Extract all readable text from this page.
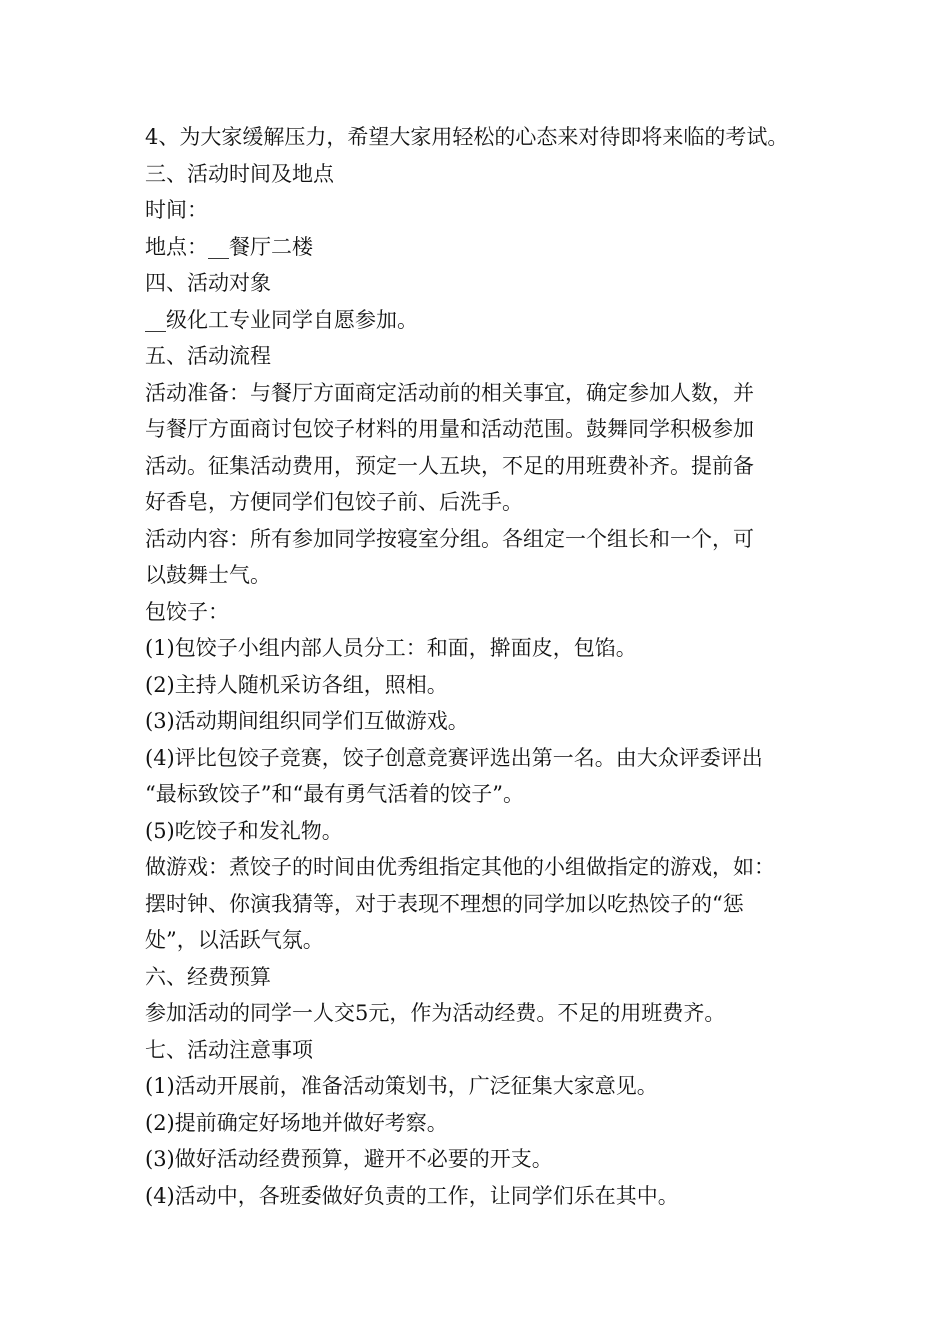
4、为大家缓解压力，希望大家用轻松的心态来对待即将来临的考试。
三、活动时间及地点
时间：
地点：__餐厅二楼
四、活动对象
__级化工专业同学自愿参加。
五、活动流程
活动准备：与餐厅方面商定活动前的相关事宜，确定参加人数，并
与餐厅方面商讨包饺子材料的用量和活动范围。鼓舞同学积极参加
活动。征集活动费用，预定一人五块，不足的用班费补齐。提前备
好香皂，方便同学们包饺子前、后洗手。
活动内容：所有参加同学按寝室分组。各组定一个组长和一个，可
以鼓舞士气。
包饺子：
(1)包饺子小组内部人员分工：和面，擀面皮，包馅。
(2)主持人随机采访各组，照相。
(3)活动期间组织同学们互做游戏。
(4)评比包饺子竞赛，饺子创意竞赛评选出第一名。由大众评委评出
“最标致饺子”和“最有勇气活着的饺子”。
(5)吃饺子和发礼物。
做游戏：煮饺子的时间由优秀组指定其他的小组做指定的游戏，如：
摆时钟、你演我猜等，对于表现不理想的同学加以吃热饺子的“惩
处”，以活跃气氛。
六、经费预算
参加活动的同学一人交5元，作为活动经费。不足的用班费齐。
七、活动注意事项
(1)活动开展前，准备活动策划书，广泛征集大家意见。
(2)提前确定好场地并做好考察。
(3)做好活动经费预算，避开不必要的开支。
(4)活动中，各班委做好负责的工作，让同学们乐在其中。
